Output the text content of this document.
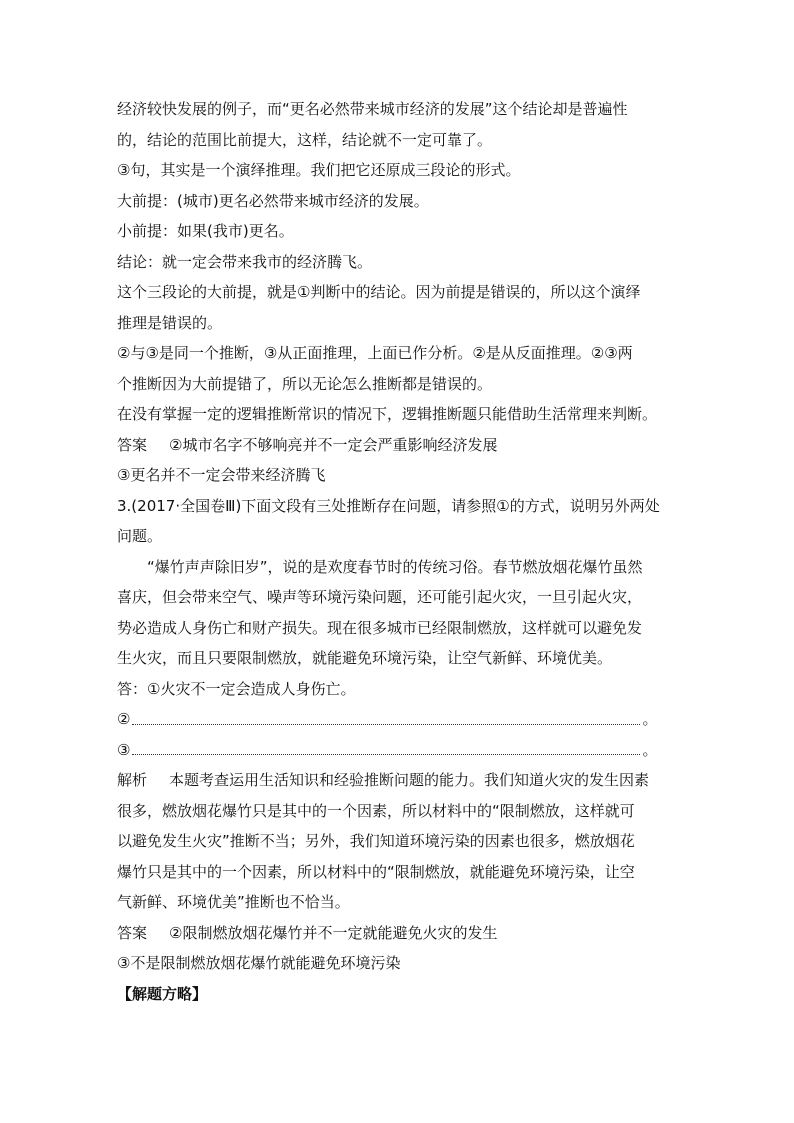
经济较快发展的例子，而“更名必然带来城市经济的发展”这个结论却是普遍性
的，结论的范围比前提大，这样，结论就不一定可靠了。
③句，其实是一个演绎推理。我们把它还原成三段论的形式。
大前提：(城市)更名必然带来城市经济的发展。
小前提：如果(我市)更名。
结论：就一定会带来我市的经济腾飞。
这个三段论的大前提，就是①判断中的结论。因为前提是错误的，所以这个演绎
推理是错误的。
②与③是同一个推断，③从正面推理，上面已作分析。②是从反面推理。②③两
个推断因为大前提错了，所以无论怎么推断都是错误的。
在没有掌握一定的逻辑推断常识的情况下，逻辑推断题只能借助生活常理来判断。
答案 ②城市名字不够响亮并不一定会严重影响经济发展
③更名并不一定会带来经济腾飞
3.(2017·全国卷Ⅲ)下面文段有三处推断存在问题，请参照①的方式，说明另外两处
问题。
“爆竹声声除旧岁”，说的是欢度春节时的传统习俗。春节燃放烟花爆竹虽然
喜庆，但会带来空气、噪声等环境污染问题，还可能引起火灾，一旦引起火灾，
势必造成人身伤亡和财产损失。现在很多城市已经限制燃放，这样就可以避免发
生火灾，而且只要限制燃放，就能避免环境污染，让空气新鲜、环境优美。
答：①火灾不一定会造成人身伤亡。
②	。
③	。
解析 本题考查运用生活知识和经验推断问题的能力。我们知道火灾的发生因素
很多，燃放烟花爆竹只是其中的一个因素，所以材料中的“限制燃放，这样就可
以避免发生火灾”推断不当；另外，我们知道环境污染的因素也很多，燃放烟花
爆竹只是其中的一个因素，所以材料中的“限制燃放，就能避免环境污染，让空
气新鲜、环境优美”推断也不恰当。
答案 ②限制燃放烟花爆竹并不一定就能避免火灾的发生
③不是限制燃放烟花爆竹就能避免环境污染
【解题方略】
